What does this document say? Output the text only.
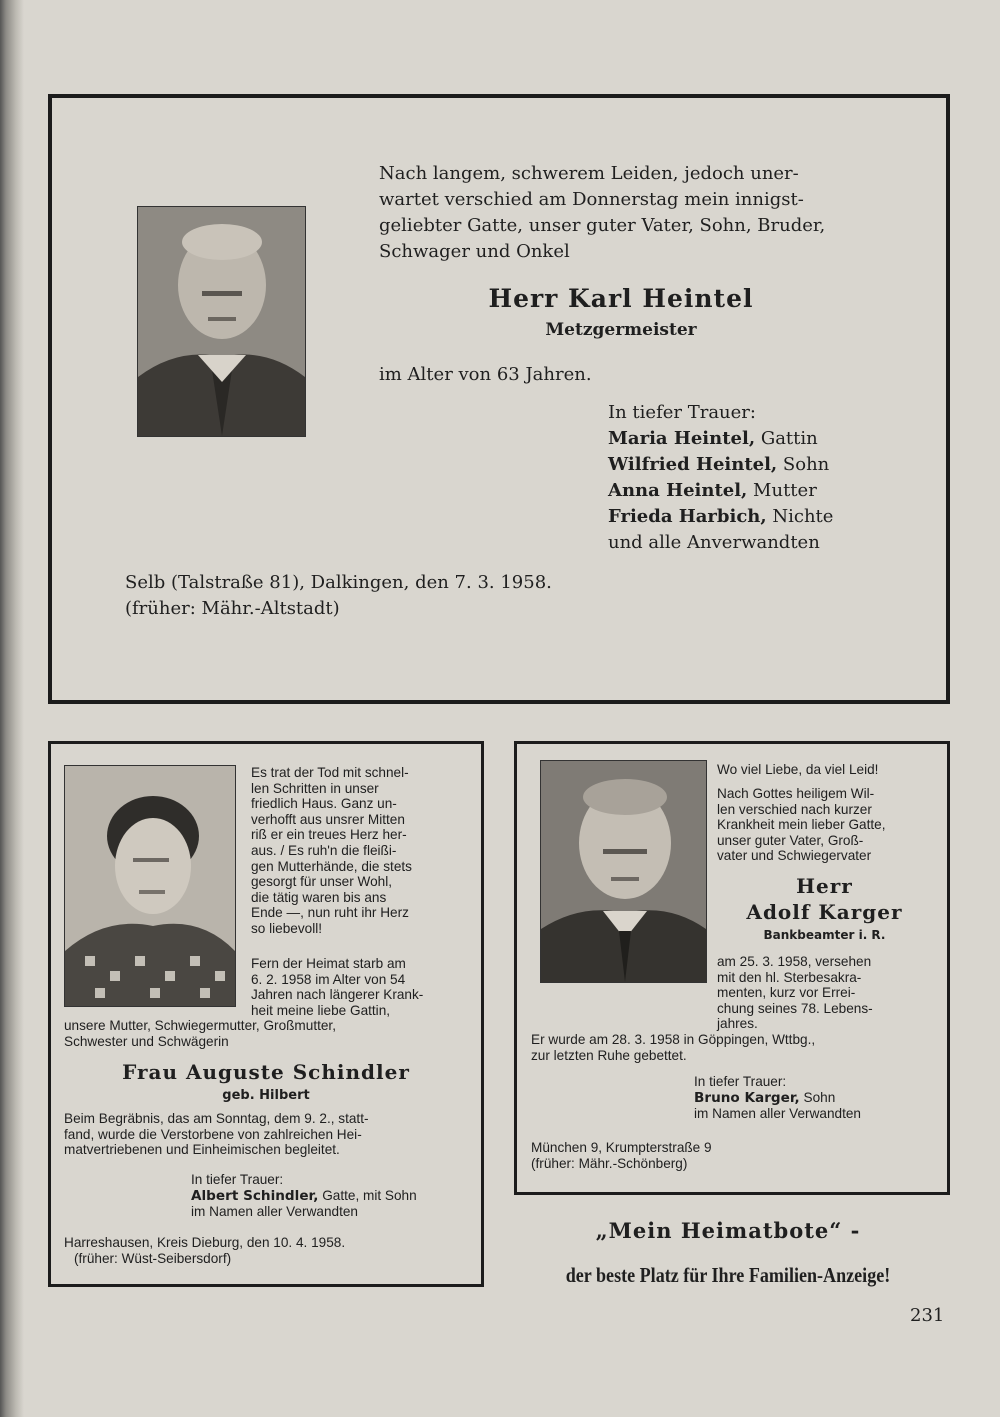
Nach langem, schwerem Leiden, jedoch uner-
wartet verschied am Donnerstag mein innigst-
geliebter Gatte, unser guter Vater, Sohn, Bruder,
Schwager und Onkel
Herr Karl Heintel
Metzgermeister
im Alter von 63 Jahren.
In tiefer Trauer:
Maria Heintel, Gattin
Wilfried Heintel, Sohn
Anna Heintel, Mutter
Frieda Harbich, Nichte
und alle Anverwandten
Selb (Talstraße 81), Dalkingen, den 7. 3. 1958.
(früher: Mähr.-Altstadt)
Es trat der Tod mit schnel-
len Schritten in unser
friedlich Haus. Ganz un-
verhofft aus unsrer Mitten
riß er ein treues Herz her-
aus. / Es ruh'n die fleißi-
gen Mutterhände, die stets
gesorgt für unser Wohl,
die tätig waren bis ans
Ende —, nun ruht ihr Herz
so liebevoll!
Fern der Heimat starb am
6. 2. 1958 im Alter von 54
Jahren nach längerer Krank-
heit meine liebe Gattin,
unsere Mutter, Schwiegermutter, Großmutter,
Schwester und Schwägerin
Frau Auguste Schindler
geb. Hilbert
Beim Begräbnis, das am Sonntag, dem 9. 2., statt-
fand, wurde die Verstorbene von zahlreichen Hei-
matvertriebenen und Einheimischen begleitet.
In tiefer Trauer:
Albert Schindler, Gatte, mit Sohn
im Namen aller Verwandten
Harreshausen, Kreis Dieburg, den 10. 4. 1958.
(früher: Wüst-Seibersdorf)
Wo viel Liebe, da viel Leid!
Nach Gottes heiligem Wil-
len verschied nach kurzer
Krankheit mein lieber Gatte,
unser guter Vater, Groß-
vater und Schwiegervater
Herr
Adolf Karger
Bankbeamter i. R.
am 25. 3. 1958, versehen
mit den hl. Sterbesakra-
menten, kurz vor Errei-
chung seines 78. Lebens-
jahres.
Er wurde am 28. 3. 1958 in Göppingen, Wttbg.,
zur letzten Ruhe gebettet.
In tiefer Trauer:
Bruno Karger, Sohn
im Namen aller Verwandten
München 9, Krumpterstraße 9
(früher: Mähr.-Schönberg)
„Mein Heimatbote“ -
der beste Platz für Ihre Familien-Anzeige!
231
